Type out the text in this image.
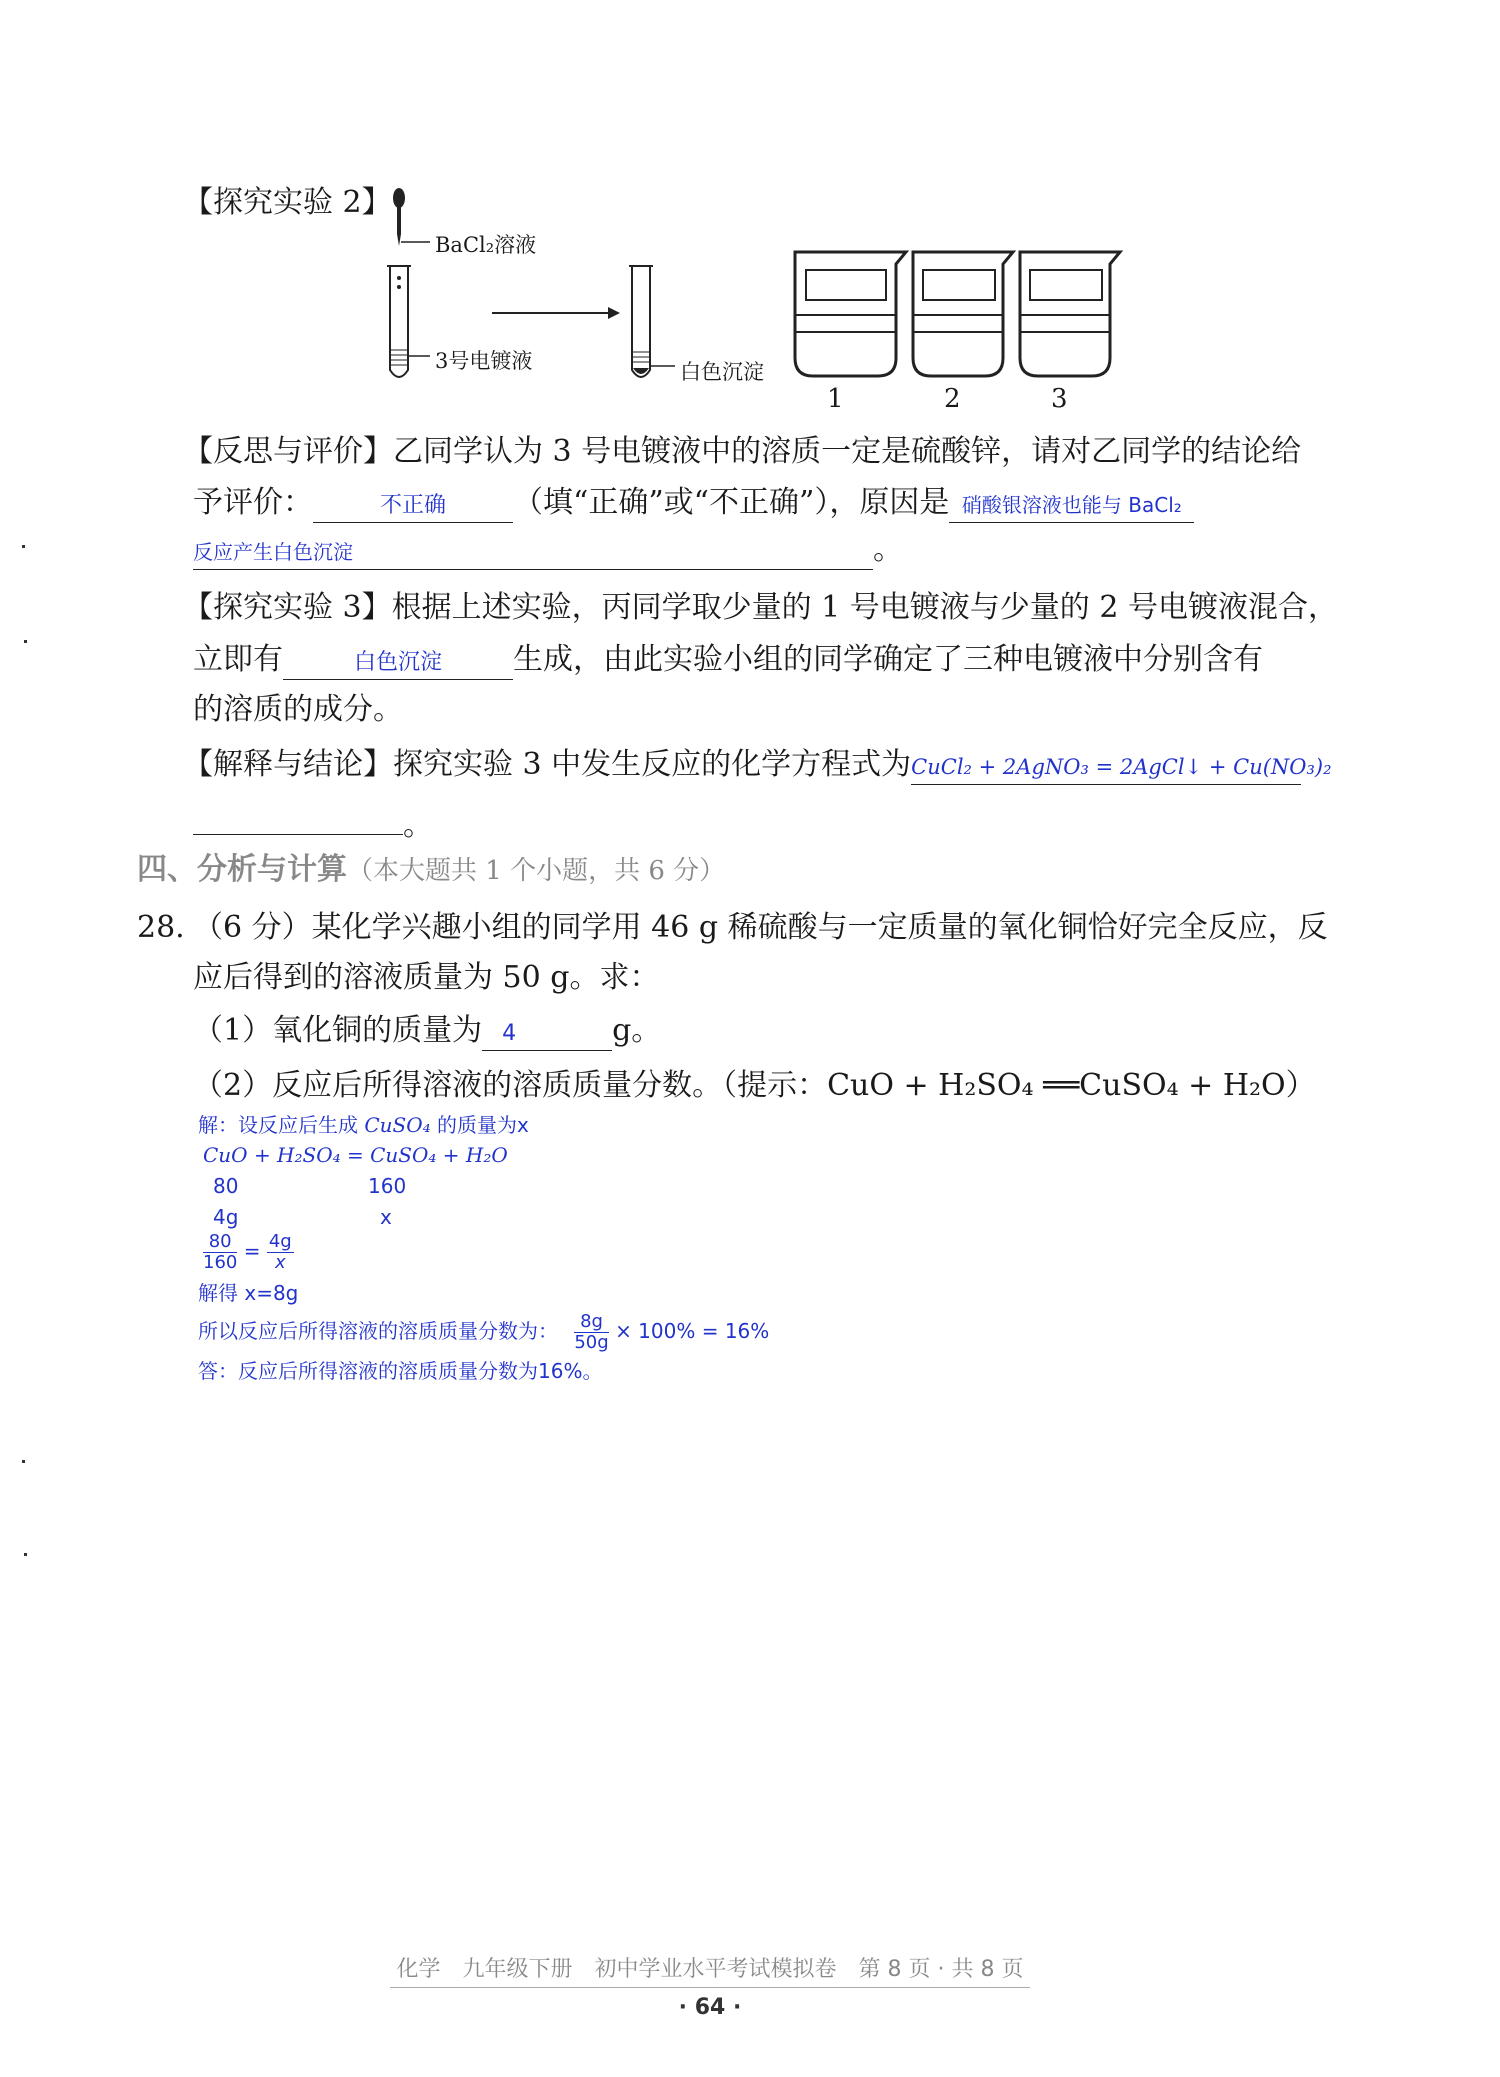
【探究实验 2】
BaCl₂溶液
3号电镀液	白色沉淀
1	2	3
【反思与评价】乙同学认为 3 号电镀液中的溶质一定是硫酸锌，请对乙同学的结论给
予评价：	不正确 （填“正确”或“不正确”），原因是 硝酸银溶液也能与 BaCl₂
反应产生白色沉淀	。
【探究实验 3】根据上述实验，丙同学取少量的 1 号电镀液与少量的 2 号电镀液混合，
立即有	白色沉淀 生成，由此实验小组的同学确定了三种电镀液中分别含有
的溶质的成分。
【解释与结论】探究实验 3 中发生反应的化学方程式为CuCl₂ + 2AgNO₃ = 2AgCl↓ + Cu(NO₃)₂
。
四、分析与计算（本大题共 1 个小题，共 6 分）
28. （6 分）某化学兴趣小组的同学用 46 g 稀硫酸与一定质量的氧化铜恰好完全反应，反
应后得到的溶液质量为 50 g。求：
（1）氧化铜的质量为 4	g。
（2）反应后所得溶液的溶质质量分数。（提示：CuO + H₂SO₄ ══CuSO₄ + H₂O）
解：设反应后生成 CuSO₄ 的质量为x
CuO + H₂SO₄ = CuSO₄ + H₂O
80	160
4g	x
$\frac{80}{160} = \frac{4g}{x}$
解得 x=8g
所以反应后所得溶液的溶质质量分数为： $\frac{8g}{50g} \times 100\% = 16\%$
答：反应后所得溶液的溶质质量分数为16%。
化学　九年级下册　初中学业水平考试模拟卷　第 8 页 · 共 8 页
· 64 ·
